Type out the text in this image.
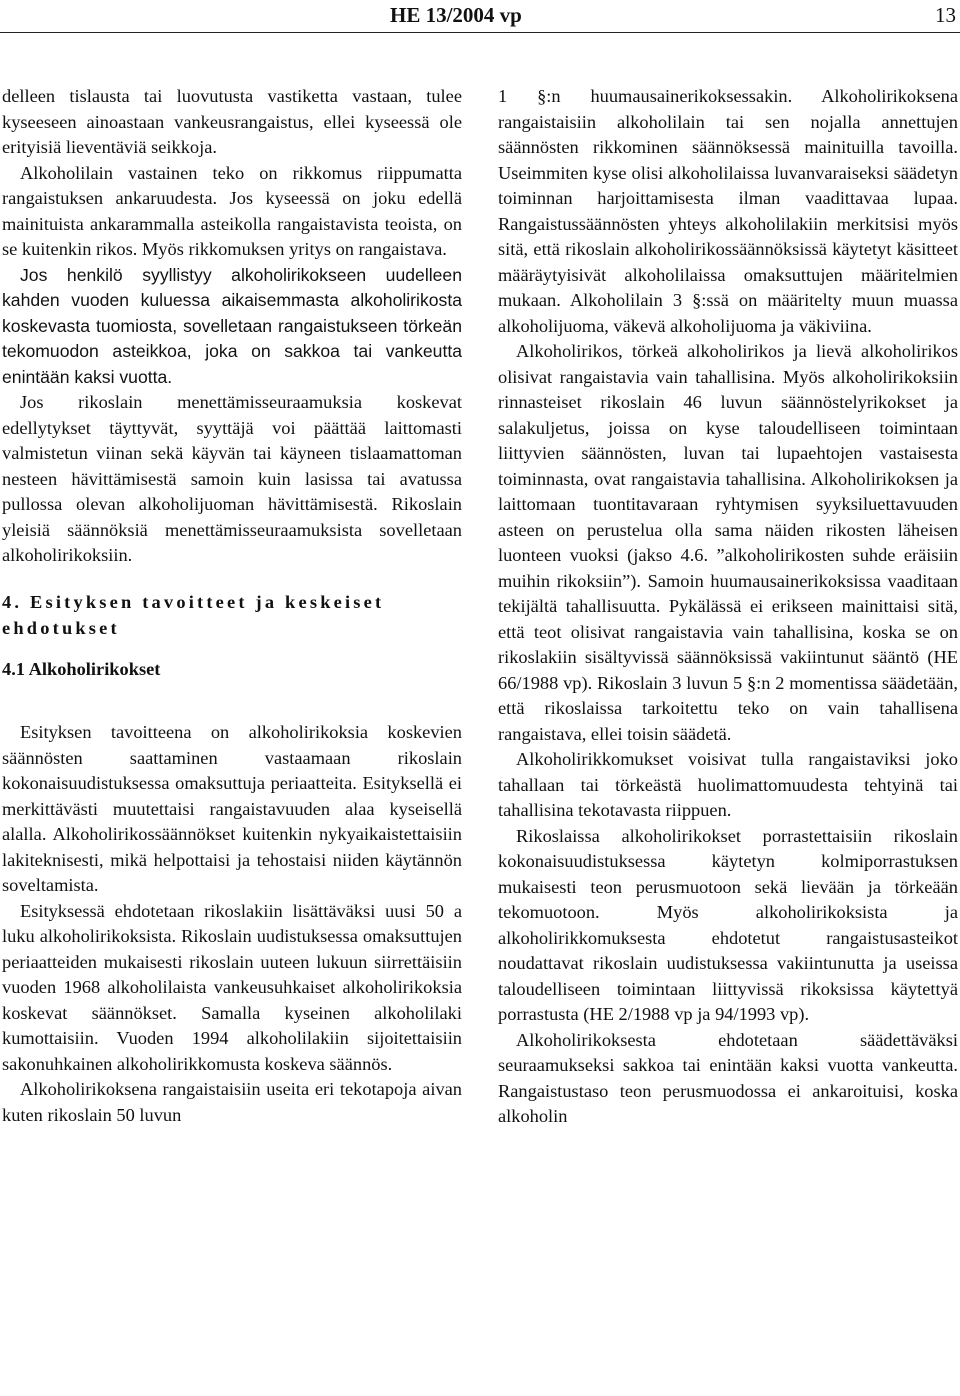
HE 13/2004 vp	13

delleen tislausta tai luovutusta vastiketta vastaan, tulee kyseeseen ainoastaan vankeusrangaistus, ellei kyseessä ole erityisiä lieventäviä seikkoja.

Alkoholilain vastainen teko on rikkomus riippumatta rangaistuksen ankaruudesta. Jos kyseessä on joku edellä mainituista ankarammalla asteikolla rangaistavista teoista, on se kuitenkin rikos. Myös rikkomuksen yritys on rangaistava.

Jos henkilö syyllistyy alkoholirikokseen uudelleen kahden vuoden kuluessa aikaisemmasta alkoholirikosta koskevasta tuomiosta, sovelletaan rangaistukseen törkeän tekomuodon asteikkoa, joka on sakkoa tai vankeutta enintään kaksi vuotta.

Jos rikoslain menettämisseuraamuksia koskevat edellytykset täyttyvät, syyttäjä voi päättää laittomasti valmistetun viinan sekä käyvän tai käyneen tislaamattoman nesteen hävittämisestä samoin kuin lasissa tai avatussa pullossa olevan alkoholijuoman hävittämisestä. Rikoslain yleisiä säännöksiä menettämisseuraamuksista sovelletaan alkoholirikoksiin.

4. Esityksen tavoitteet ja keskeiset ehdotukset
4.1 Alkoholirikokset

Esityksen tavoitteena on alkoholirikoksia koskevien säännösten saattaminen vastaamaan rikoslain kokonaisuudistuksessa omaksuttuja periaatteita. Esityksellä ei merkittävästi muutettaisi rangaistavuuden alaa kyseisellä alalla. Alkoholirikossäännökset kuitenkin nykyaikaistettaisiin lakiteknisesti, mikä helpottaisi ja tehostaisi niiden käytännön soveltamista.

Esityksessä ehdotetaan rikoslakiin lisättäväksi uusi 50 a luku alkoholirikoksista. Rikoslain uudistuksessa omaksuttujen periaatteiden mukaisesti rikoslain uuteen lukuun siirrettäisiin vuoden 1968 alkoholilaista vankeusuhkaiset alkoholirikoksia koskevat säännökset. Samalla kyseinen alkoholilaki kumottaisiin. Vuoden 1994 alkoholilakiin sijoitettaisiin sakonuhkainen alkoholirikkomusta koskeva säännös.

Alkoholirikoksena rangaistaisiin useita eri tekotapoja aivan kuten rikoslain 50 luvun

1 §:n huumausainerikoksessakin. Alkoholirikoksena rangaistaisiin alkoholilain tai sen nojalla annettujen säännösten rikkominen säännöksessä mainituilla tavoilla. Useimmiten kyse olisi alkoholilaissa luvanvaraiseksi säädetyn toiminnan harjoittamisesta ilman vaadittavaa lupaa. Rangaistussäännösten yhteys alkoholilakiin merkitsisi myös sitä, että rikoslain alkoholirikossäännöksissä käytetyt käsitteet määräytyisivät alkoholilaissa omaksuttujen määritelmien mukaan. Alkoholilain 3 §:ssä on määritelty muun muassa alkoholijuoma, väkevä alkoholijuoma ja väkiviina.

Alkoholirikos, törkeä alkoholirikos ja lievä alkoholirikos olisivat rangaistavia vain tahallisina. Myös alkoholirikoksiin rinnasteiset rikoslain 46 luvun säännöstelyrikokset ja salakuljetus, joissa on kyse taloudelliseen toimintaan liittyvien säännösten, luvan tai lupaehtojen vastaisesta toiminnasta, ovat rangaistavia tahallisina. Alkoholirikoksen ja laittomaan tuontitavaraan ryhtymisen syyksiluettavuuden asteen on perustelua olla sama näiden rikosten läheisen luonteen vuoksi (jakso 4.6. ”alkoholirikosten suhde eräisiin muihin rikoksiin”). Samoin huumausainerikoksissa vaaditaan tekijältä tahallisuutta. Pykälässä ei erikseen mainittaisi sitä, että teot olisivat rangaistavia vain tahallisina, koska se on rikoslakiin sisältyvissä säännöksissä vakiintunut sääntö (HE 66/1988 vp). Rikoslain 3 luvun 5 §:n 2 momentissa säädetään, että rikoslaissa tarkoitettu teko on vain tahallisena rangaistava, ellei toisin säädetä.

Alkoholirikkomukset voisivat tulla rangaistaviksi joko tahallaan tai törkeästä huolimattomuudesta tehtyinä tai tahallisina tekotavasta riippuen.

Rikoslaissa alkoholirikokset porrastettaisiin rikoslain kokonaisuudistuksessa käytetyn kolmiporrastuksen mukaisesti teon perusmuotoon sekä lievään ja törkeään tekomuotoon. Myös alkoholirikoksista ja alkoholirikkomuksesta ehdotetut rangaistusasteikot noudattavat rikoslain uudistuksessa vakiintunutta ja useissa taloudelliseen toimintaan liittyvissä rikoksissa käytettyä porrastusta (HE 2/1988 vp ja 94/1993 vp).

Alkoholirikoksesta ehdotetaan säädettäväksi seuraamukseksi sakkoa tai enintään kaksi vuotta vankeutta. Rangaistustaso teon perusmuodossa ei ankaroituisi, koska alkoholin
